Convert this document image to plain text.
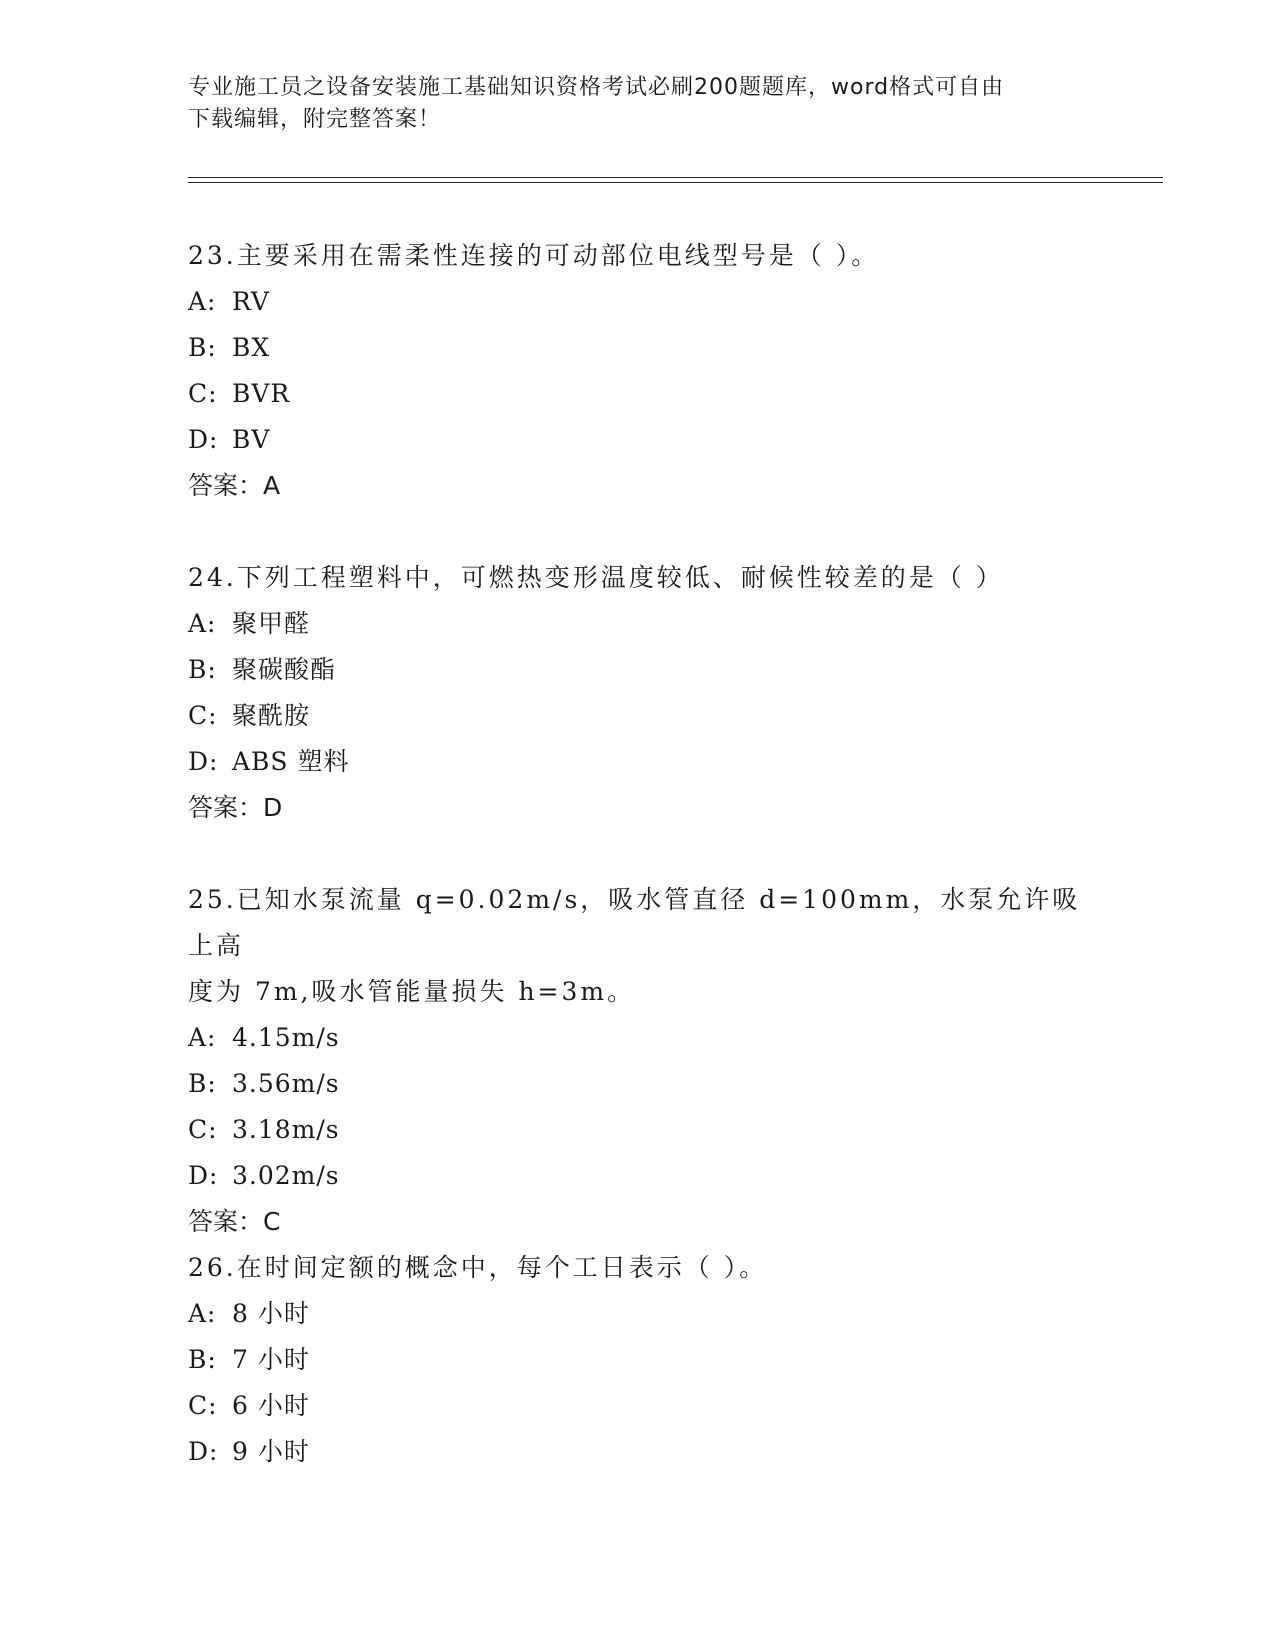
专业施工员之设备安装施工基础知识资格考试必刷200题题库，word格式可自由
下载编辑，附完整答案！

23.主要采用在需柔性连接的可动部位电线型号是（ ）。

A: RV

B: BX

C: BVR

D: BV

答案：A

24.下列工程塑料中，可燃热变形温度较低、耐候性较差的是（ ）

A: 聚甲醛

B: 聚碳酸酯

C: 聚酰胺

D: ABS 塑料

答案：D

25.已知水泵流量 q=0.02m/s，吸水管直径 d=100mm，水泵允许吸上高

度为 7m,吸水管能量损失 h=3m。

A: 4.15m/s

B: 3.56m/s

C: 3.18m/s

D: 3.02m/s

答案：C

26.在时间定额的概念中，每个工日表示（ ）。

A: 8 小时

B: 7 小时

C: 6 小时

D: 9 小时
